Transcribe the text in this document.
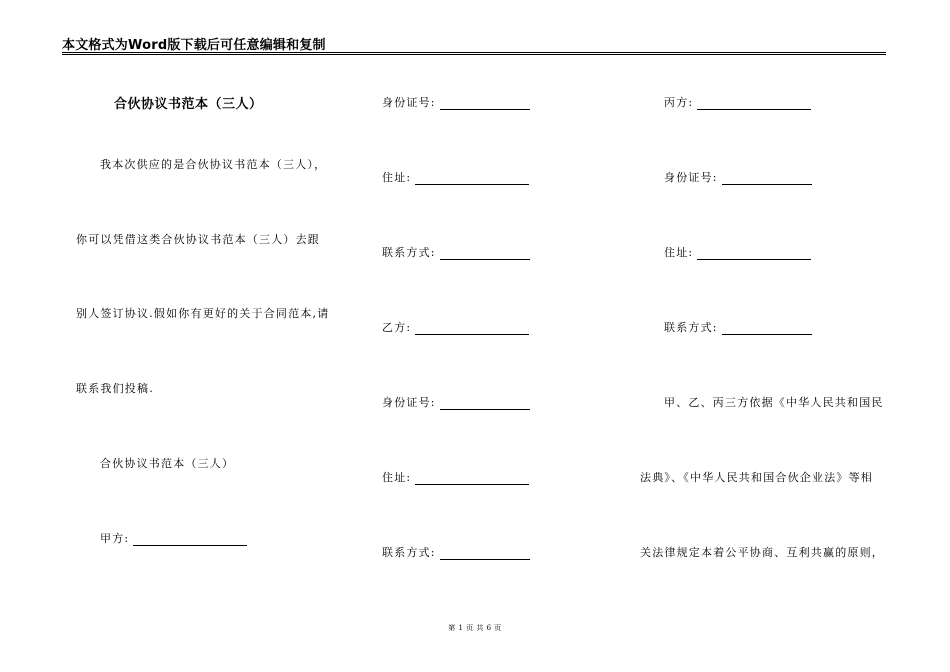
本文格式为Word版下载后可任意编辑和复制
合伙协议书范本（三人）
我本次供应的是合伙协议书范本（三人），
你可以凭借这类合伙协议书范本（三人）去跟
别人签订协议.假如你有更好的关于合同范本,请
联系我们投稿.
合伙协议书范本（三人）
甲方:
身份证号:
住址:
联系方式:
乙方:
身份证号:
住址:
联系方式:
丙方:
身份证号:
住址:
联系方式:
甲、乙、丙三方依据《中华人民共和国民
法典》、《中华人民共和国合伙企业法》等相
关法律规定本着公平协商、互利共赢的原则，
第 1 页 共 6 页
